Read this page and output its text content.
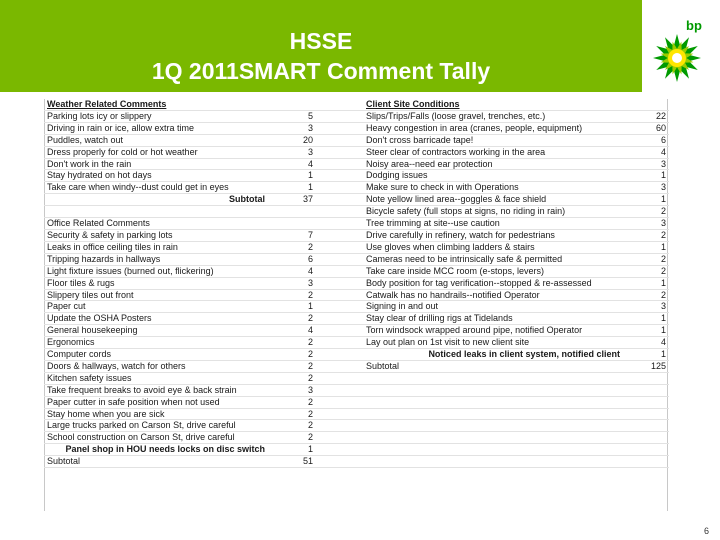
HSSE
1Q 2011SMART Comment Tally
bp
Weather Related Comments			Client Site Conditions	
Parking lots icy or slippery	5		Slips/Trips/Falls (loose gravel, trenches, etc.)	22
Driving in rain or ice, allow extra time	3		Heavy congestion in area (cranes, people, equipment)	60
Puddles, watch out	20		Don't cross barricade tape!	6
Dress properly for cold or hot weather	3		Steer clear of contractors working in the area	4
Don't work in the rain	4		Noisy area--need ear protection	3
Stay hydrated on hot days	1		Dodging issues	1
Take care when windy--dust could get in eyes	1		Make sure to check in with Operations	3
Subtotal	37		Note yellow lined area--goggles & face shield	1
			Bicycle safety (full stops at signs, no riding in rain)	2
Office Related Comments			Tree trimming at site--use caution	3
Security & safety in parking lots	7		Drive carefully in refinery, watch for pedestrians	2
Leaks in office ceiling tiles in rain	2		Use gloves when climbing ladders & stairs	1
Tripping hazards in hallways	6		Cameras need to be intrinsically safe & permitted	2
Light fixture issues (burned out, flickering)	4		Take care inside MCC room (e-stops, levers)	2
Floor tiles & rugs	3		Body position for tag verification--stopped & re-assessed	1
Slippery tiles out front	2		Catwalk has no handrails--notified Operator	2
Paper cut	1		Signing in and out	3
Update the OSHA Posters	2		Stay clear of drilling rigs at Tidelands	1
General housekeeping	4		Torn windsock wrapped around pipe, notified Operator	1
Ergonomics	2		Lay out plan on 1st visit to new client site	4
Computer cords	2		Noticed leaks in client system, notified client	1
Doors & hallways, watch for others	2		Subtotal	125
Kitchen safety issues	2			
Take frequent breaks to avoid eye & back strain	3			
Paper cutter in safe position when not used	2			
Stay home when you are sick	2			
Large trucks parked on Carson St, drive careful	2			
School construction on Carson St, drive careful	2			
Panel shop in HOU needs locks on disc switch	1			
Subtotal	51			
6
